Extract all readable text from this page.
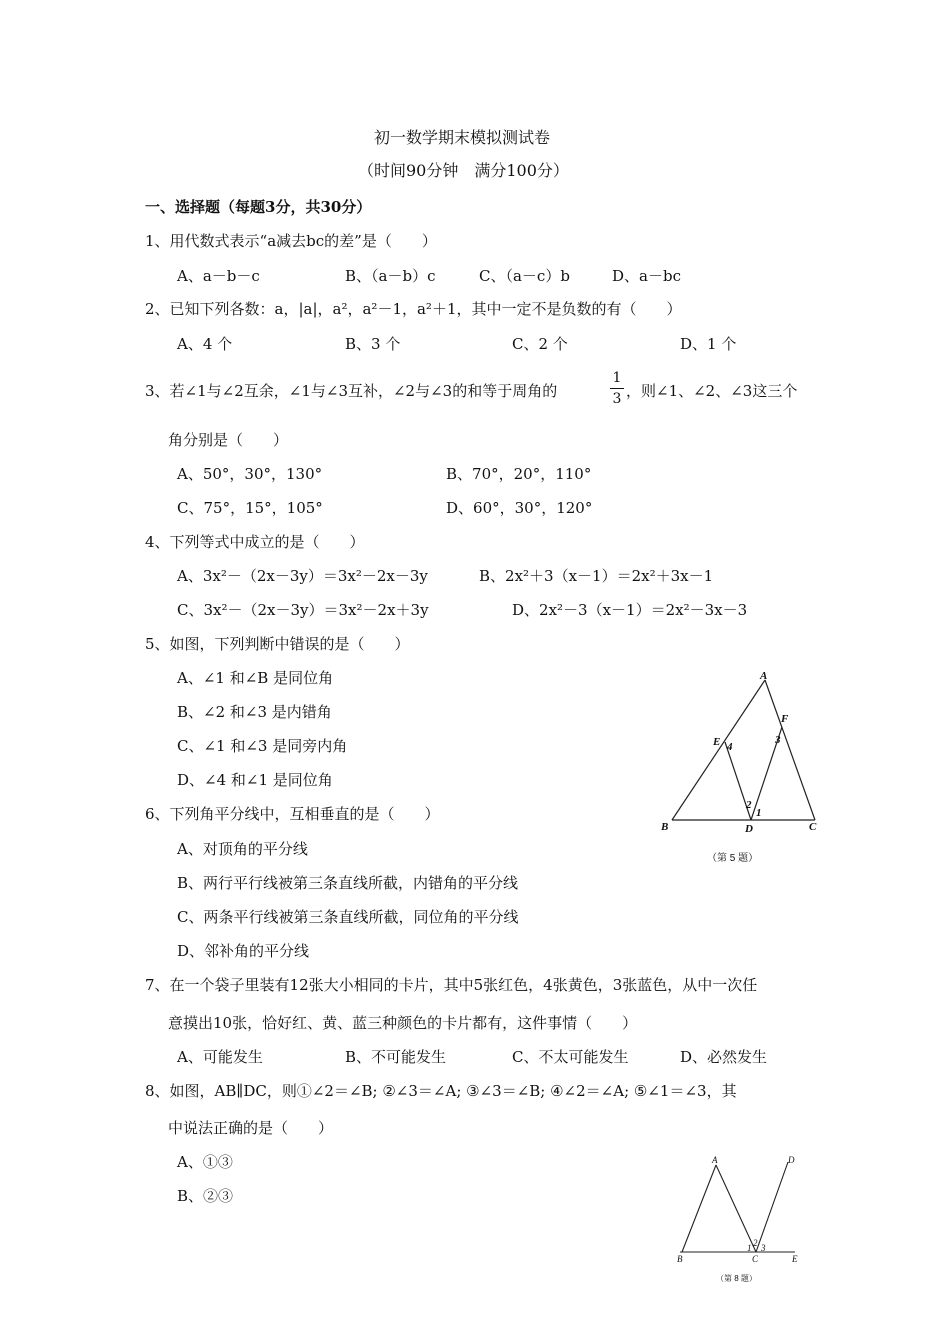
初一数学期末模拟测试卷
（时间90分钟　满分100分）
一、选择题（每题3分，共30分）
1、用代数式表示“a减去bc的差”是（　　）
A、a－b－c	B、（a－b）c	C、（a－c）b	D、a－bc
2、已知下列各数：a，|a|，a²，a²－1，a²＋1，其中一定不是负数的有（　　）
A、4 个	B、3 个	C、2 个	D、1 个
3、若∠1与∠2互余，∠1与∠3互补，∠2与∠3的和等于周角的
1
3 ，则∠1、∠2、∠3这三个
角分别是（　　）
A、50°，30°，130°	B、70°，20°，110°
C、75°，15°，105°	D、60°，30°，120°
4、下列等式中成立的是（　　）
A、3x²－（2x－3y）＝3x²－2x－3y	B、2x²＋3（x－1）＝2x²＋3x－1
C、3x²－（2x－3y）＝3x²－2x＋3y	D、2x²－3（x－1）＝2x²－3x－3
5、如图，下列判断中错误的是（　　）
A、∠1 和∠B 是同位角
B、∠2 和∠3 是内错角
C、∠1 和∠3 是同旁内角
D、∠4 和∠1 是同位角
A
B	C
D
E
F
4
3
2
1
（第 5 题）
6、下列角平分线中，互相垂直的是（　　）
A、对顶角的平分线
B、两行平行线被第三条直线所截，内错角的平分线
C、两条平行线被第三条直线所截，同位角的平分线
D、邻补角的平分线
7、在一个袋子里装有12张大小相同的卡片，其中5张红色，4张黄色，3张蓝色，从中一次任
意摸出10张，恰好红、黄、蓝三种颜色的卡片都有，这件事情（　　）
A、可能发生	B、不可能发生	C、不太可能发生	D、必然发生
8、如图，AB∥DC，则①∠2＝∠B; ②∠3＝∠A; ③∠3＝∠B; ④∠2＝∠A; ⑤∠1＝∠3，其
中说法正确的是（　　）
A、①③
B、②③
A	D
B	C	E
2
1 3
（第 8 题）
